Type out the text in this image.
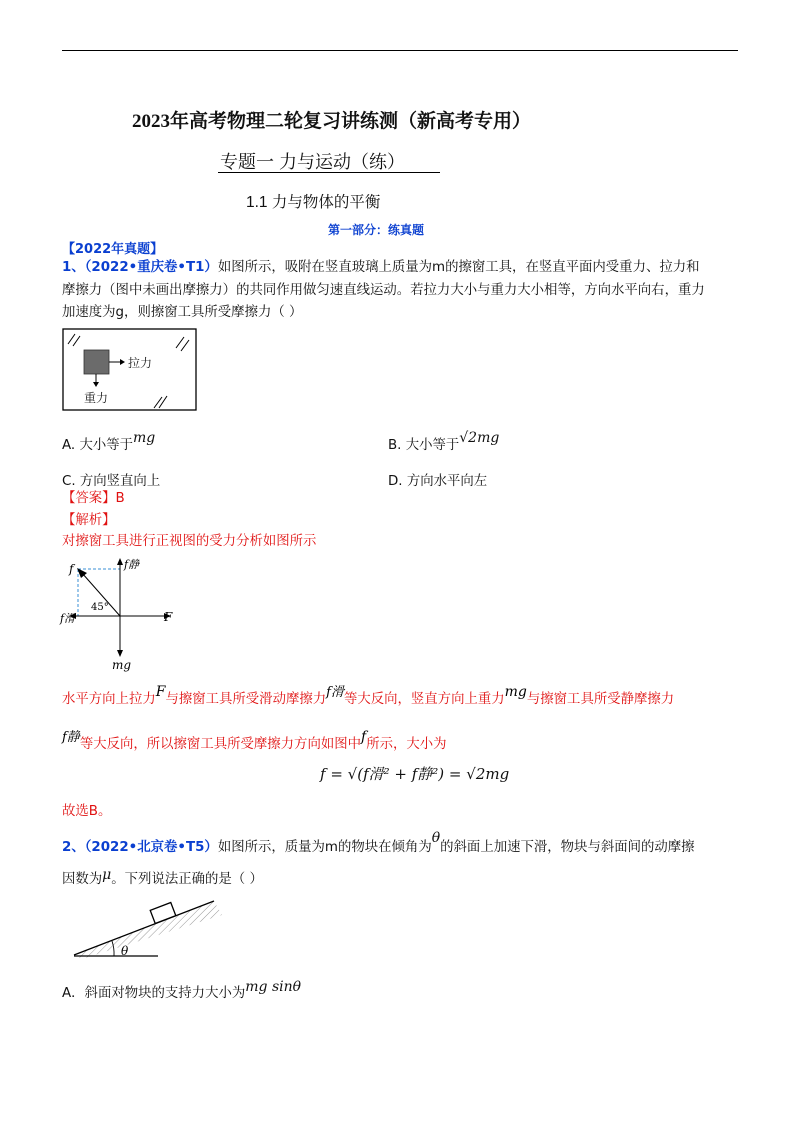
2023年高考物理二轮复习讲练测（新高考专用）
专题一 力与运动（练）
1.1 力与物体的平衡
第一部分：练真题
【2022年真题】
1、（2022•重庆卷•T1）如图所示，吸附在竖直玻璃上质量为m的擦窗工具，在竖直平面内受重力、拉力和
摩擦力（图中未画出摩擦力）的共同作用做匀速直线运动。若拉力大小与重力大小相等，方向水平向右，重力
加速度为g，则擦窗工具所受摩擦力（ ）
拉力
重力
A. 大小等于mg	B. 大小等于√2mg
C. 方向竖直向上	D. 方向水平向左
【答案】B
【解析】
对擦窗工具进行正视图的受力分析如图所示
f	f静
f滑
45°
F
mg
水平方向上拉力F与擦窗工具所受滑动摩擦力f滑等大反向，竖直方向上重力mg与擦窗工具所受静摩擦力
f静等大反向，所以擦窗工具所受摩擦力方向如图中f所示，大小为
f = √(f滑² + f静²) = √2mg
故选B。
2、（2022•北京卷•T5）如图所示，质量为m的物块在倾角为θ的斜面上加速下滑，物块与斜面间的动摩擦
因数为μ。下列说法正确的是（ ）
θ
A．斜面对物块的支持力大小为mg sinθ
